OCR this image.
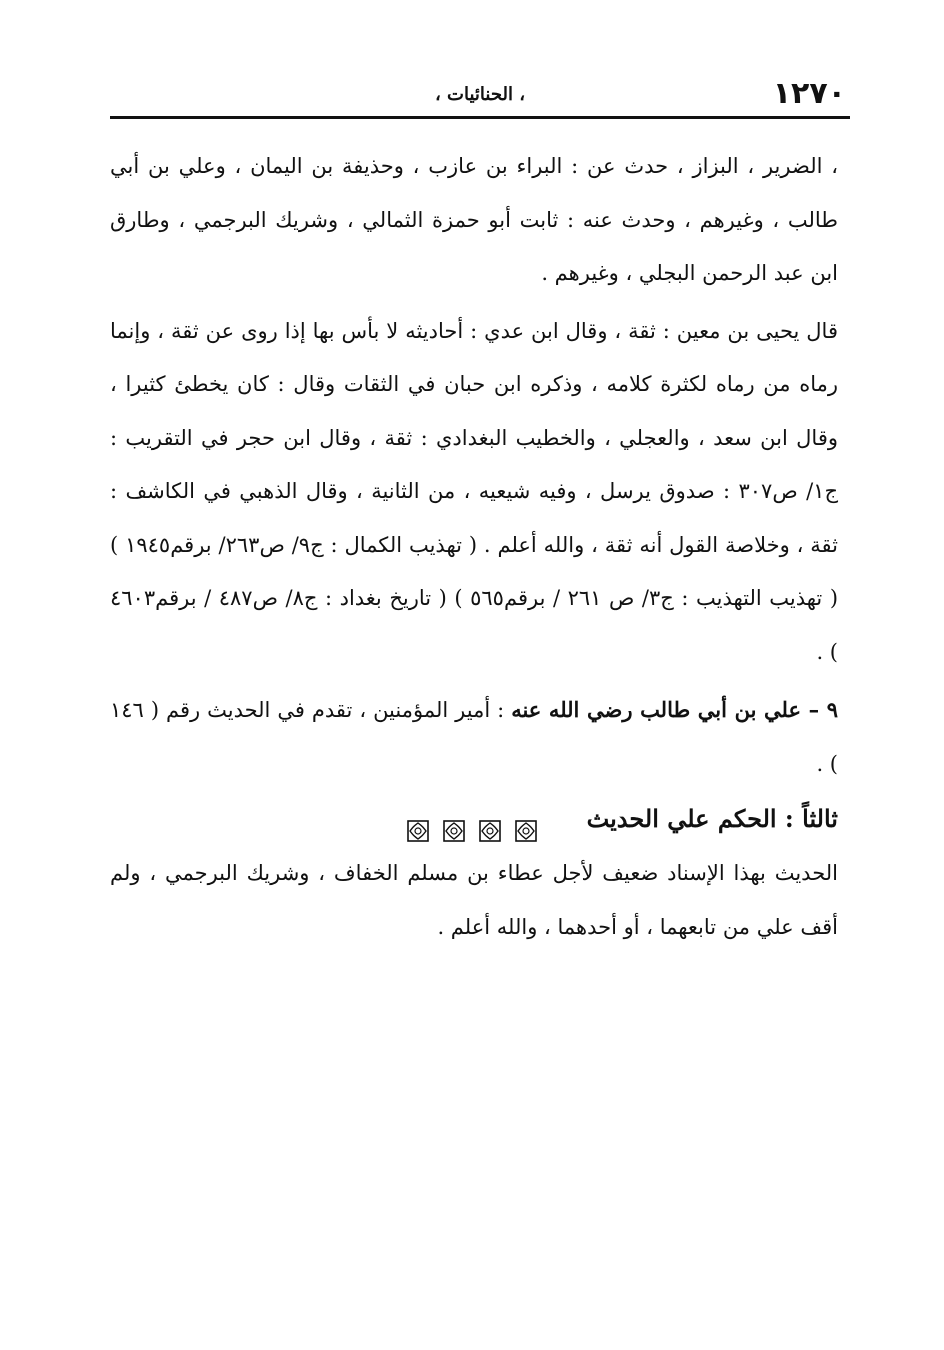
١٢٧٠
، الحنائيات ،

، الضرير ، البزاز ، حدث عن : البراء بن عازب ، وحذيفة بن اليمان ، وعلي بن أبي طالب ، وغيرهم ، وحدث عنه : ثابت أبو حمزة الثمالي ، وشريك البرجمي ، وطارق ابن عبد الرحمن البجلي ، وغيرهم .

قال يحيى بن معين : ثقة ، وقال ابن عدي : أحاديثه لا بأس بها إذا روى عن ثقة ، وإنما رماه من رماه لكثرة كلامه ، وذكره ابن حبان في الثقات وقال : كان يخطئ كثيرا ، وقال ابن سعد ، والعجلي ، والخطيب البغدادي : ثقة ، وقال ابن حجر في التقريب : ج١/ ص٣٠٧ : صدوق يرسل ، وفيه شيعيه ، من الثانية ، وقال الذهبي في الكاشف : ثقة ، وخلاصة القول أنه ثقة ، والله أعلم . ( تهذيب الكمال : ج٩/ ص٢٦٣/ برقم١٩٤٥ ) ( تهذيب التهذيب : ج٣/ ص ٢٦١ / برقم٥٦٥ ) ( تاريخ بغداد : ج٨/ ص٤٨٧ / برقم٤٦٠٣ ) .

٩ – علي بن أبي طالب رضي الله عنه : أمير المؤمنين ، تقدم في الحديث رقم ( ١٤٦ ) .

ثالثاً : الحكم علي الحديث

الحديث بهذا الإسناد ضعيف لأجل عطاء بن مسلم الخفاف ، وشريك البرجمي ، ولم أقف علي من تابعهما ، أو أحدهما ، والله أعلم .
